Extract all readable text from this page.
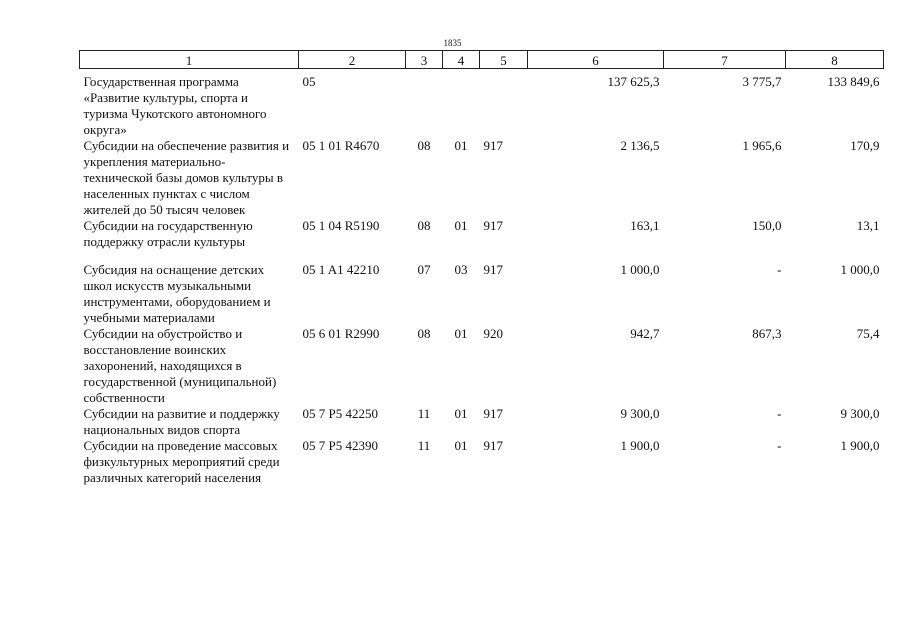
1835
1	2	3	4	5	6	7	8
Государственная программа «Развитие культуры, спорта и туризма Чукотского автономного округа»	05				137 625,3	3 775,7	133 849,6
Субсидии на обеспечение развития и укрепления материально-технической базы домов культуры в населенных пунктах с числом жителей до 50 тысяч человек	05 1 01 R4670	08	01	917	2 136,5	1 965,6	170,9
Субсидии на государственную поддержку отрасли культуры	05 1 04 R5190	08	01	917	163,1	150,0	13,1
Субсидия на оснащение детских школ искусств музыкальными инструментами, оборудованием и учебными материалами	05 1 A1 42210	07	03	917	1 000,0	-	1 000,0
Субсидии на обустройство и восстановление воинских захоронений, находящихся в государственной (муниципальной) собственности	05 6 01 R2990	08	01	920	942,7	867,3	75,4
Субсидии на развитие и поддержку национальных видов спорта	05 7 P5 42250	11	01	917	9 300,0	-	9 300,0
Субсидии на проведение массовых физкультурных мероприятий среди различных категорий населения	05 7 P5 42390	11	01	917	1 900,0	-	1 900,0
